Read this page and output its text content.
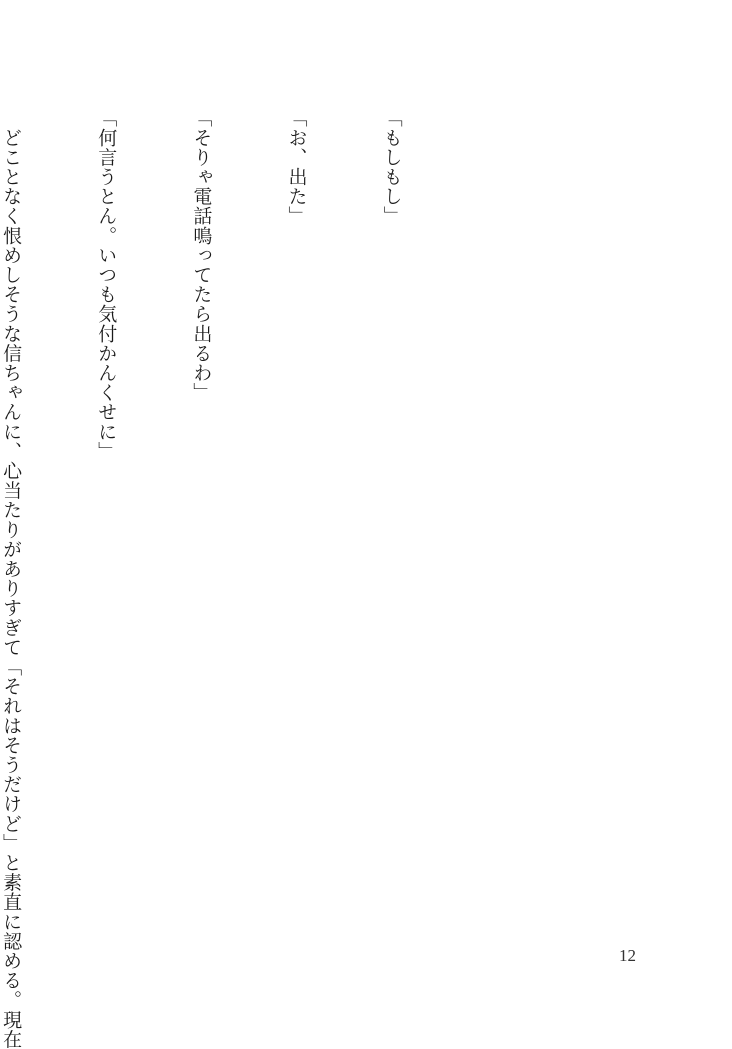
「もしもし」

「お、出た」

「そりゃ電話鳴ってたら出るわ」

「何言うとん。いつも気付かんくせに」

　どことなく恨めしそうな信ちゃんに、心当たりがありすぎて「それはそうだけど」と素直に認める。現在

	12
